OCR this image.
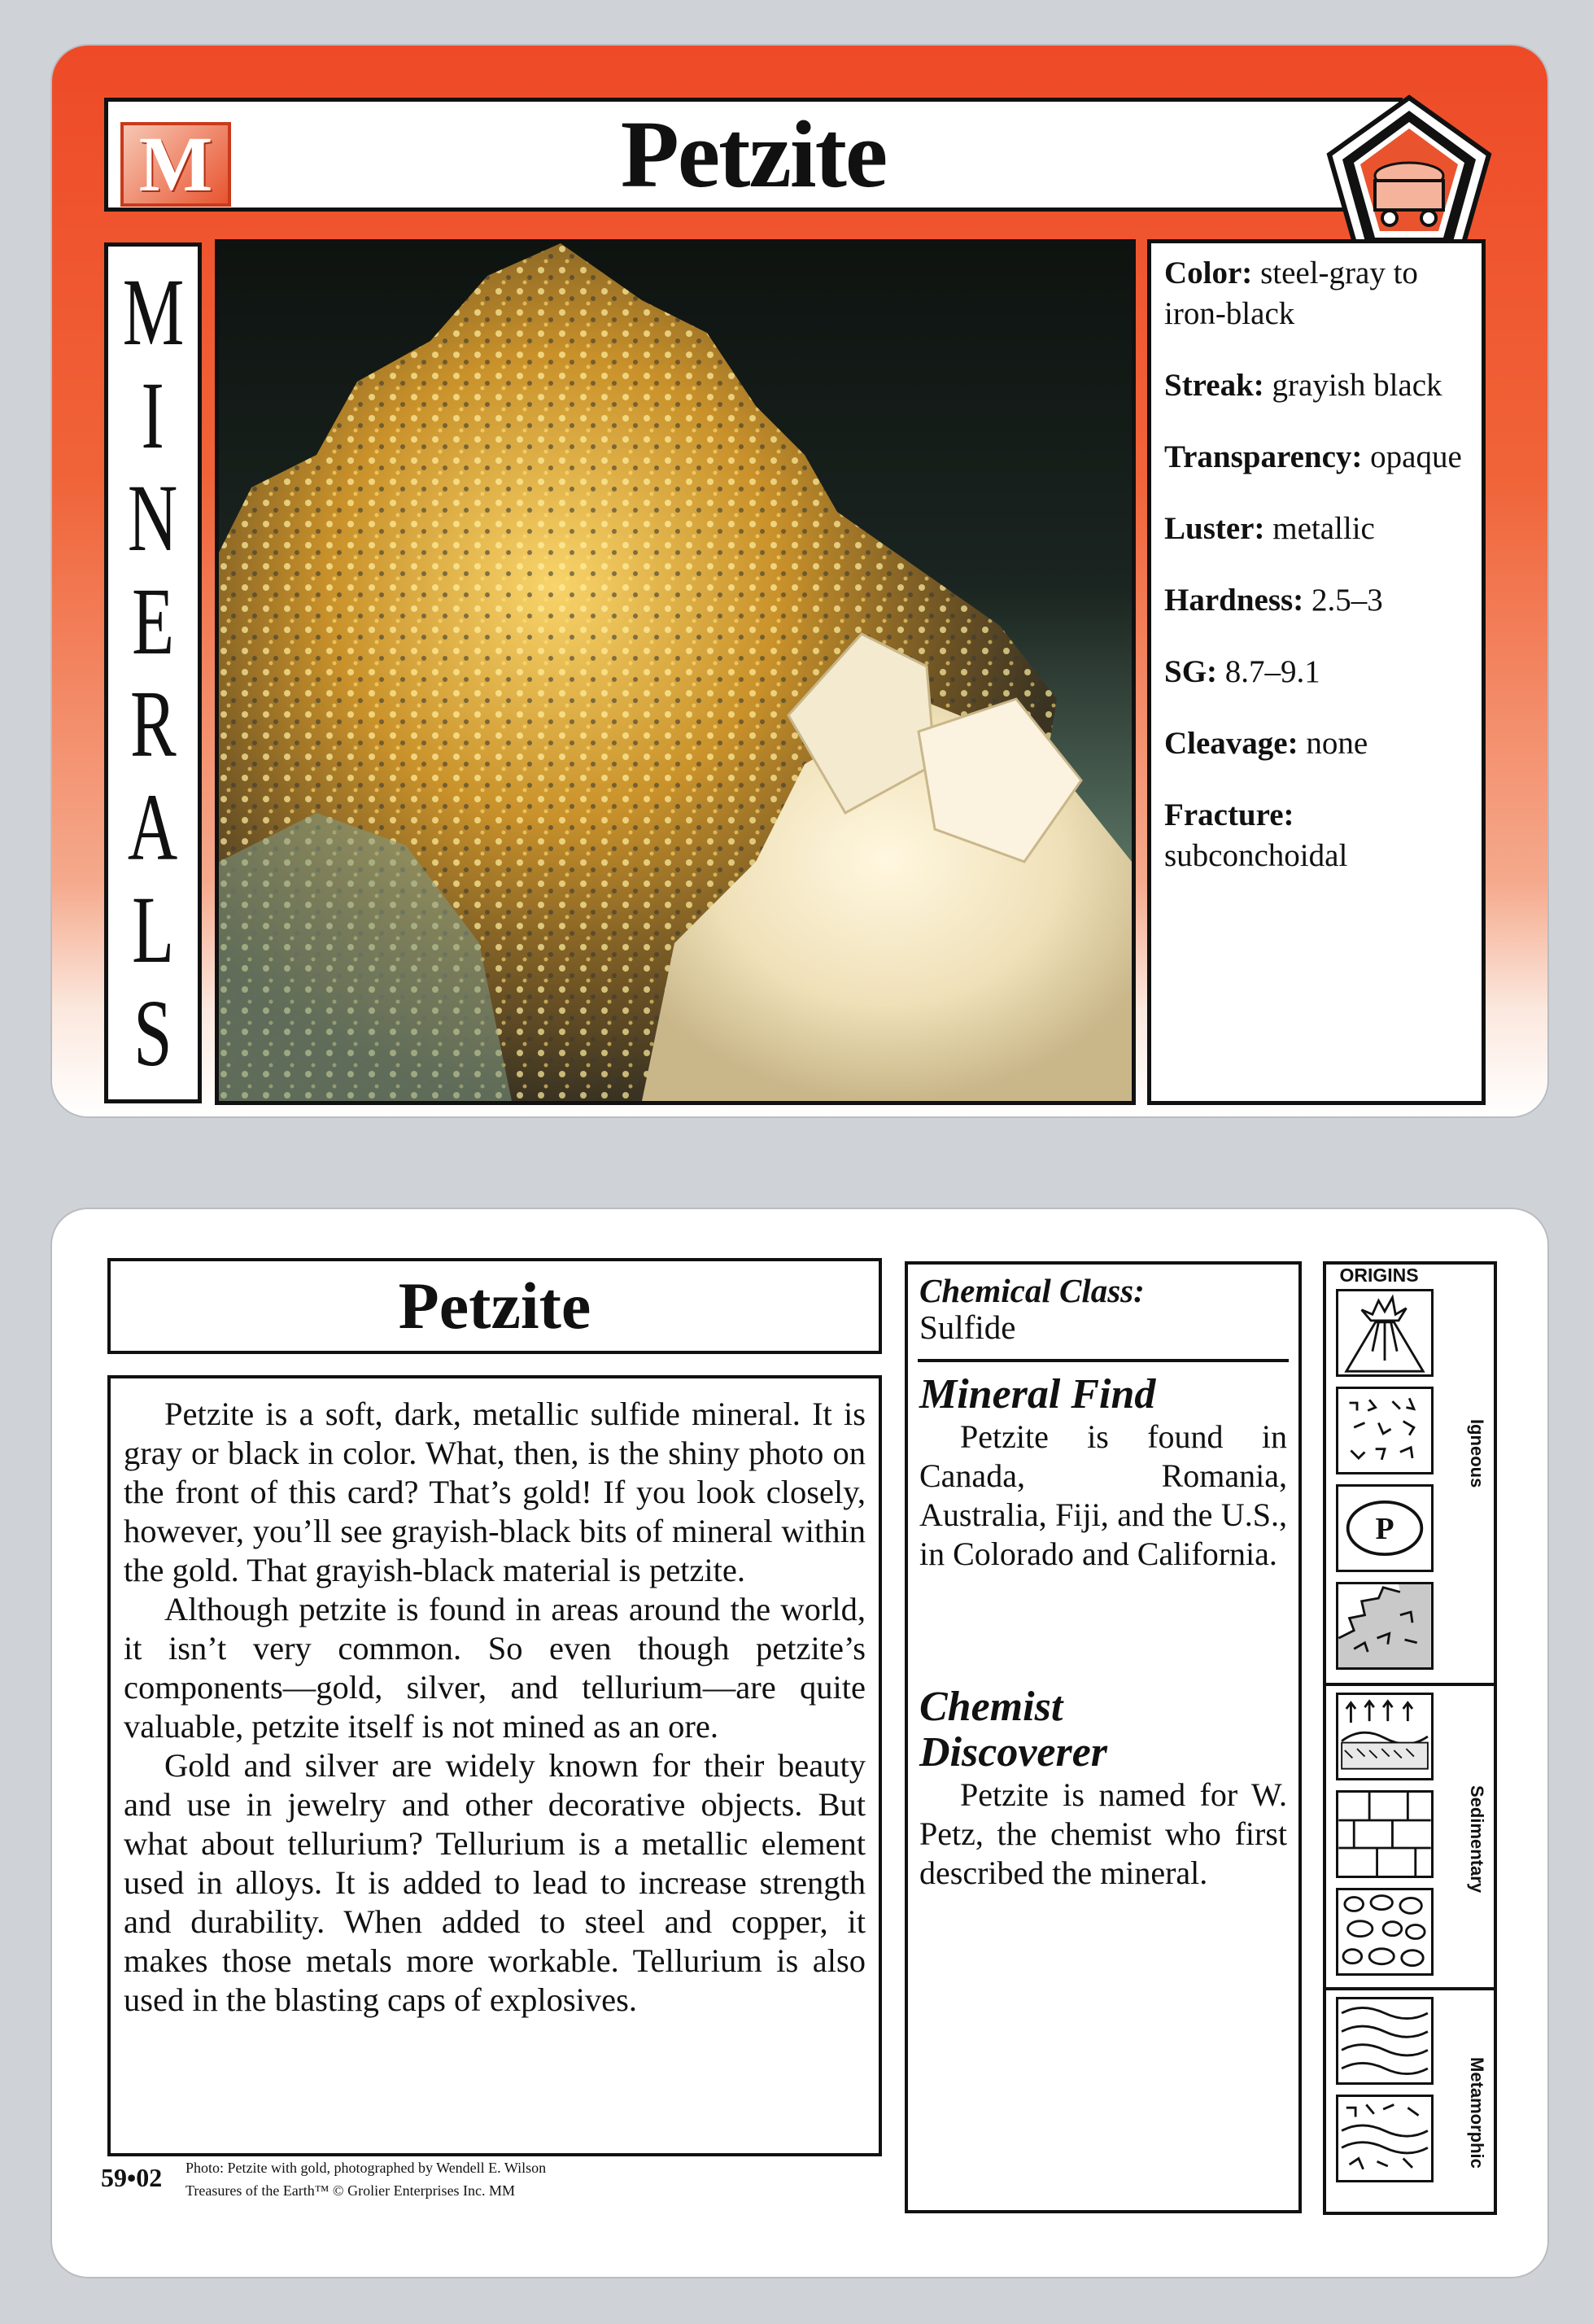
Petzite
M
M
I
N
E
R
A
L
S
Color: steel-gray to iron-black
Streak: grayish black
Transparency: opaque
Luster: metallic
Hardness: 2.5–3
SG: 8.7–9.1
Cleavage: none
Fracture: subconchoidal
Petzite

Petzite is a soft, dark, metallic sulfide mineral. It is gray or black in color. What, then, is the shiny photo on the front of this card? That’s gold! If you look closely, however, you’ll see grayish-black bits of mineral within the gold. That grayish-black material is petzite.

Although petzite is found in areas around the world, it isn’t very common. So even though petzite’s components—gold, silver, and tellurium—are quite valuable, petzite itself is not mined as an ore.

Gold and silver are widely known for their beauty and use in jewelry and other decorative objects. But what about tellurium? Tellurium is a metallic element used in alloys. It is added to lead to increase strength and durability. When added to steel and copper, it makes those metals more workable. Tellurium is also used in the blasting caps of explosives.

59•02 Photo: Petzite with gold, photographed by Wendell E. Wilson
Treasures of the Earth™ © Grolier Enterprises Inc. MM
Chemical Class:
Sulfide
Mineral Find

Petzite is found in Canada, Romania, Australia, Fiji, and the U.S., in Colorado and California.

Chemist
Discoverer

Petzite is named for W. Petz, the chemist who first described the mineral.

ORIGINS
P
Igneous
Sedimentary
Metamorphic
